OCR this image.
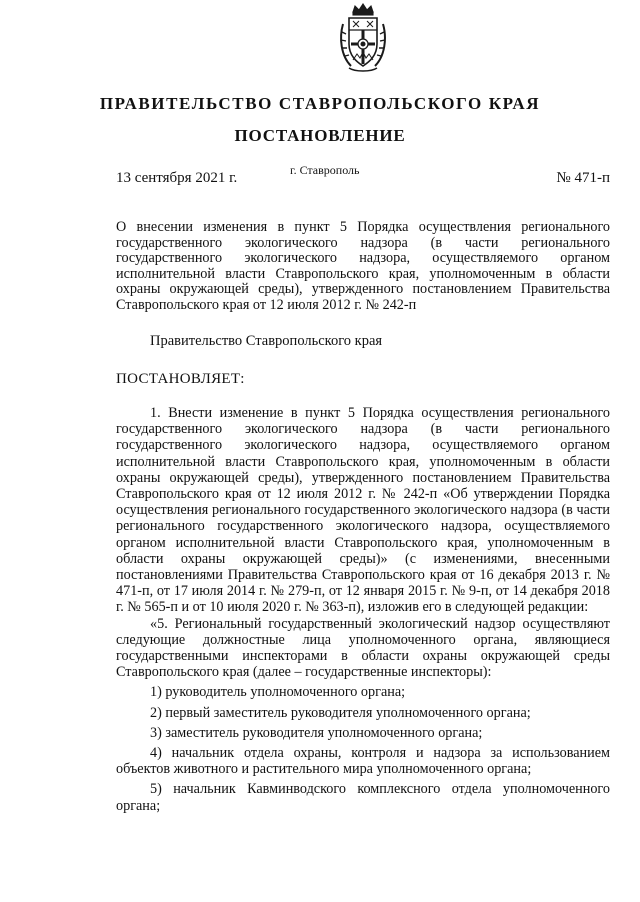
ПРАВИТЕЛЬСТВО СТАВРОПОЛЬСКОГО КРАЯ
ПОСТАНОВЛЕНИЕ
13 сентября 2021 г.	г. Ставрополь	№ 471-п

О внесении изменения в пункт 5 Порядка осуществления регионального государственного экологического надзора (в части регионального государственного экологического надзора, осуществляемого органом исполнительной власти Ставропольского края, уполномоченным в области охраны окружающей среды), утвержденного постановлением Правительства Ставропольского края от 12 июля 2012 г. № 242-п

Правительство Ставропольского края

ПОСТАНОВЛЯЕТ:

1. Внести изменение в пункт 5 Порядка осуществления регионального государственного экологического надзора (в части регионального государственного экологического надзора, осуществляемого органом исполнительной власти Ставропольского края, уполномоченным в области охраны окружающей среды), утвержденного постановлением Правительства Ставропольского края от 12 июля 2012 г. № 242-п «Об утверждении Порядка осуществления регионального государственного экологического надзора (в части регионального государственного экологического надзора, осуществляемого органом исполнительной власти Ставропольского края, уполномоченным в области охраны окружающей среды)» (с изменениями, внесенными постановлениями Правительства Ставропольского края от 16 декабря 2013 г. № 471-п, от 17 июля 2014 г. № 279-п, от 12 января 2015 г. № 9-п, от 14 декабря 2018 г. № 565-п и от 10 июля 2020 г. № 363-п), изложив его в следующей редакции:

«5. Региональный государственный экологический надзор осуществляют следующие должностные лица уполномоченного органа, являющиеся государственными инспекторами в области охраны окружающей среды Ставропольского края (далее – государственные инспекторы):

1) руководитель уполномоченного органа;

2) первый заместитель руководителя уполномоченного органа;

3) заместитель руководителя уполномоченного органа;

4) начальник отдела охраны, контроля и надзора за использованием объектов животного и растительного мира уполномоченного органа;

5) начальник Кавминводского комплексного отдела уполномоченного органа;
